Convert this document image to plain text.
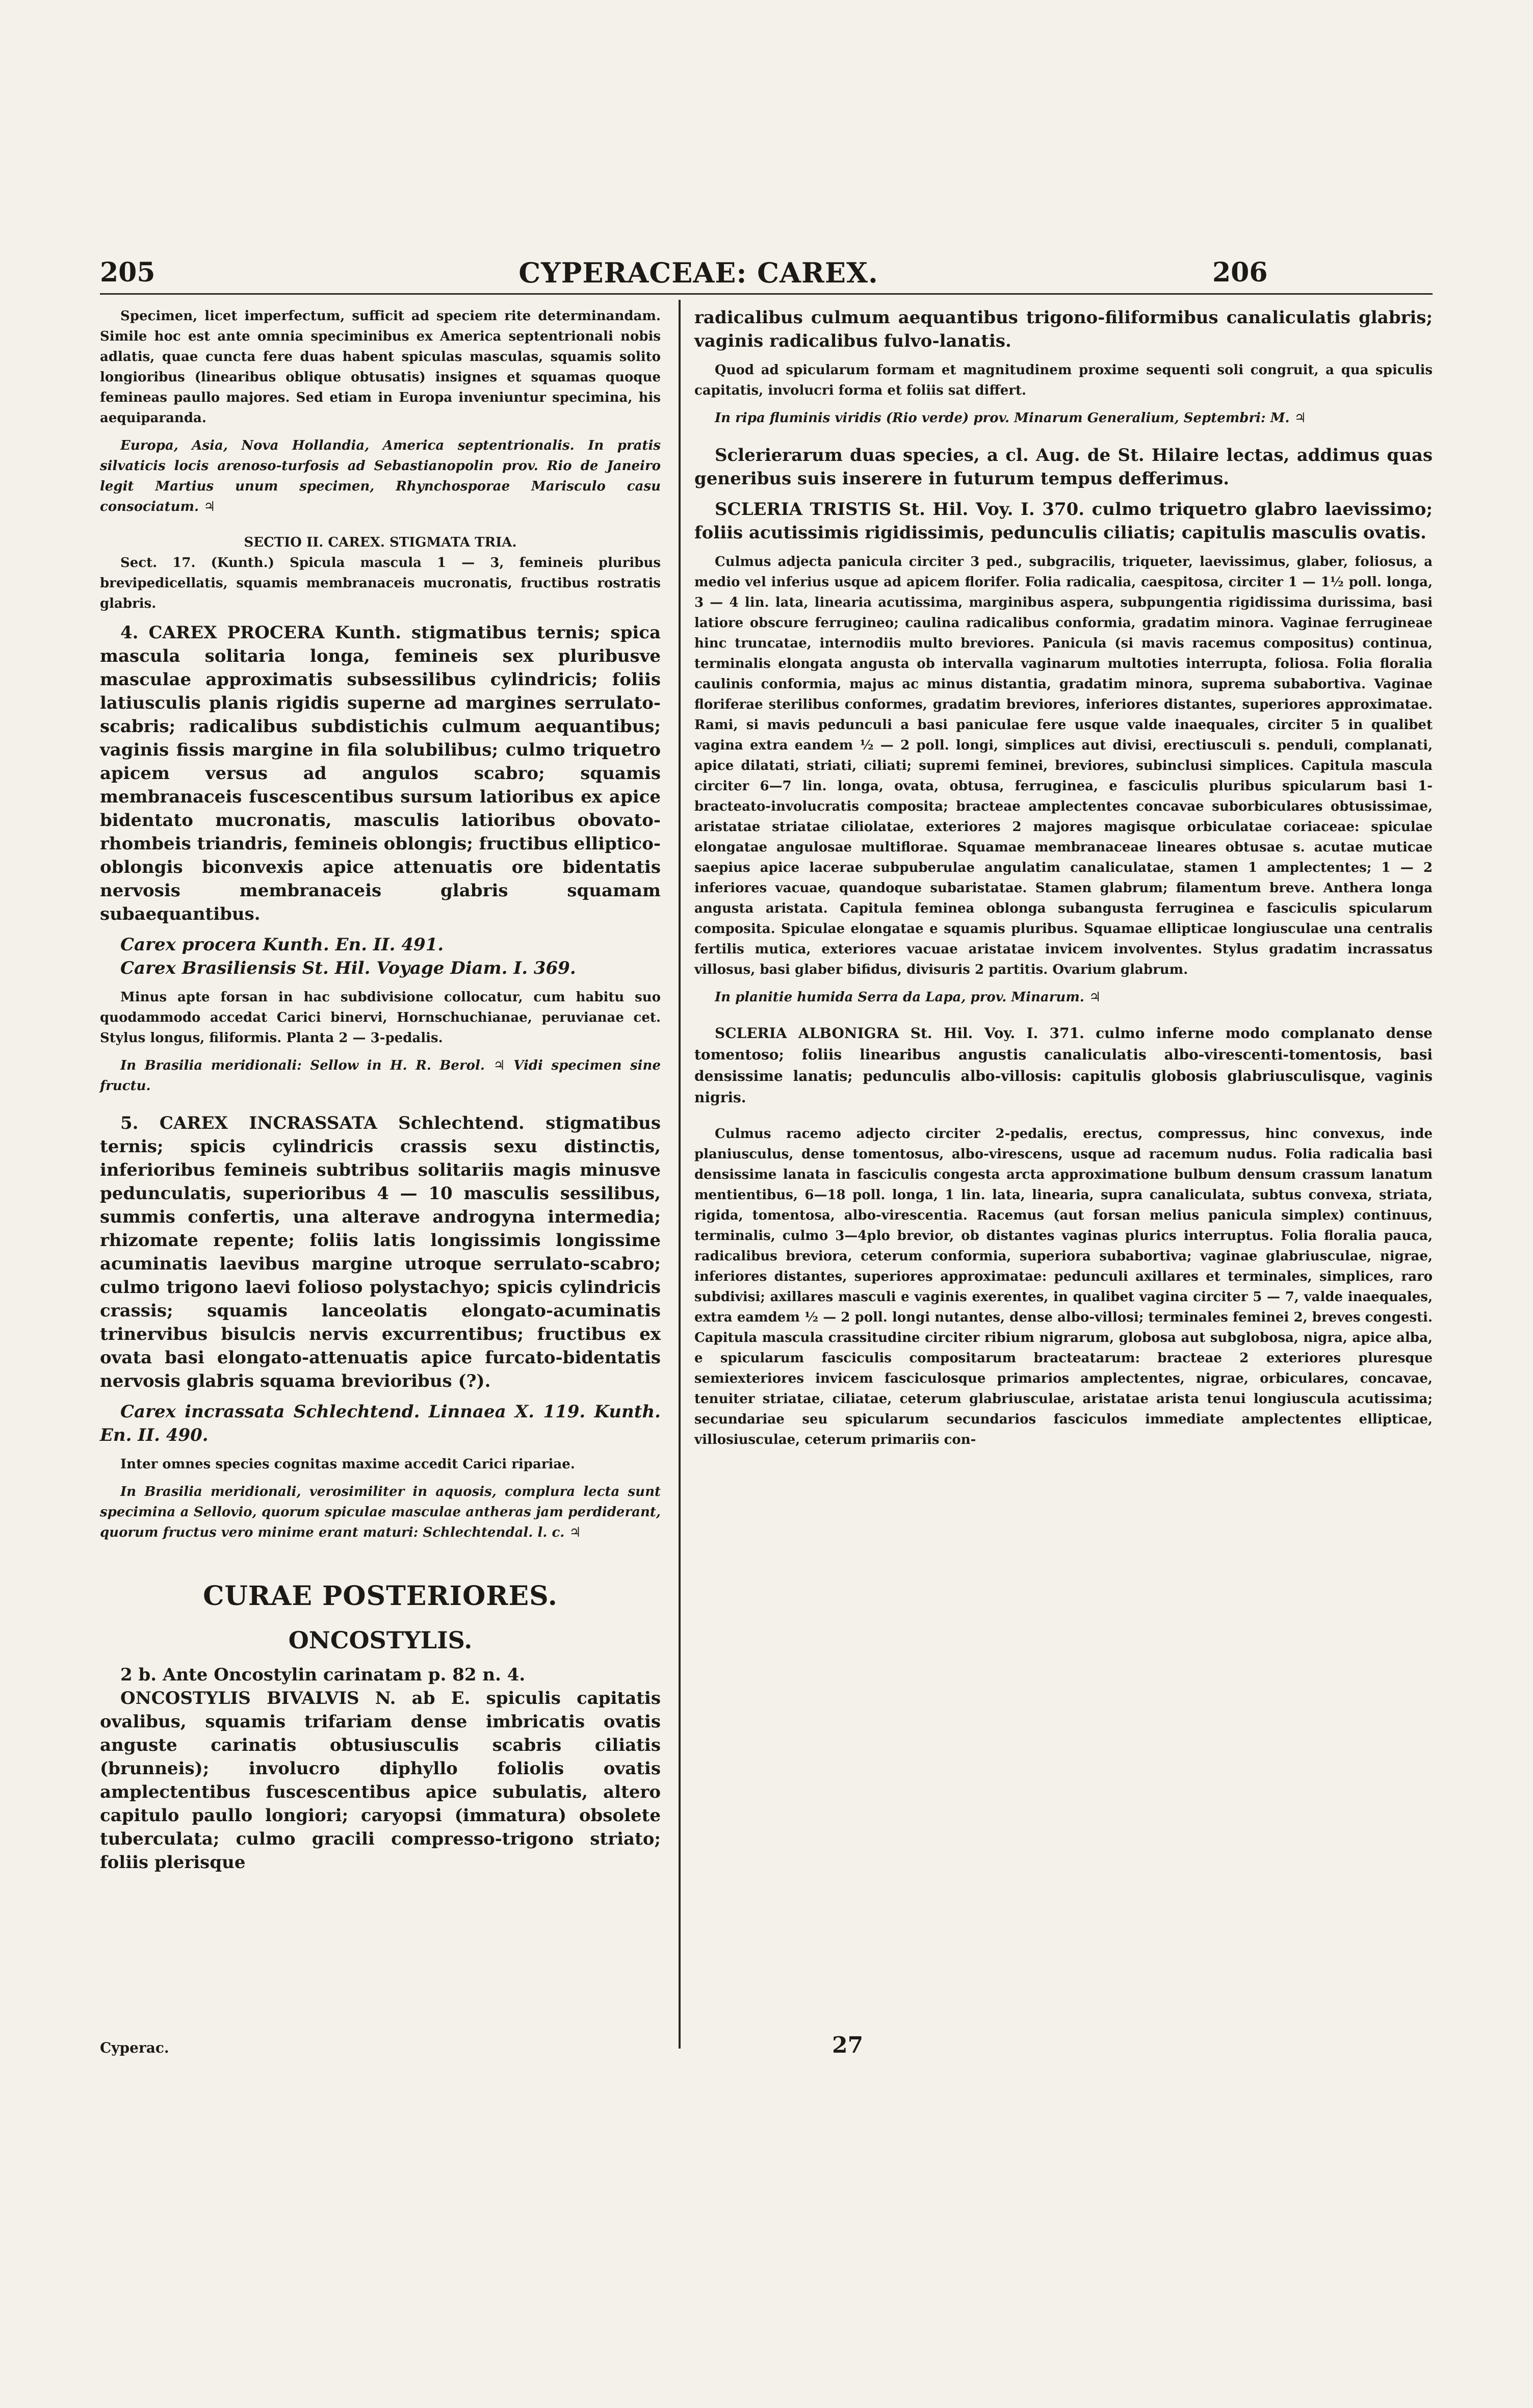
205	CYPERACEAE: CAREX.	206

Specimen, licet imperfectum, sufficit ad speciem rite determinandam. Simile hoc est ante omnia speciminibus ex America septentrionali nobis adlatis, quae cuncta fere duas habent spiculas masculas, squamis solito longioribus (linearibus oblique obtusatis) insignes et squamas quoque femineas paullo majores. Sed etiam in Europa inveniuntur specimina, his aequiparanda.

Europa, Asia, Nova Hollandia, America septentrionalis. In pratis silvaticis locis arenoso-turfosis ad Sebastianopolin prov. Rio de Janeiro legit Martius unum specimen, Rhynchosporae Marisculo casu consociatum. ♃

SECTIO II. CAREX. STIGMATA TRIA.

Sect. 17. (Kunth.) Spicula mascula 1 — 3, femineis pluribus brevipedicellatis, squamis membranaceis mucronatis, fructibus rostratis glabris.

4. CAREX PROCERA Kunth. stigmatibus ternis; spica mascula solitaria longa, femineis sex pluribusve masculae approximatis subsessilibus cylindricis; foliis latiusculis planis rigidis superne ad margines serrulato-scabris; radicalibus subdistichis culmum aequantibus; vaginis fissis margine in fila solubilibus; culmo triquetro apicem versus ad angulos scabro; squamis membranaceis fuscescentibus sursum latioribus ex apice bidentato mucronatis, masculis latioribus obovato-rhombeis triandris, femineis oblongis; fructibus elliptico-oblongis biconvexis apice attenuatis ore bidentatis nervosis membranaceis glabris squamam subaequantibus.

Carex procera Kunth. En. II. 491.

Carex Brasiliensis St. Hil. Voyage Diam. I. 369.

Minus apte forsan in hac subdivisione collocatur, cum habitu suo quodammodo accedat Carici binervi, Hornschuchianae, peruvianae cet. Stylus longus, filiformis. Planta 2 — 3-pedalis.

In Brasilia meridionali: Sellow in H. R. Berol. ♃ Vidi specimen sine fructu.

5. CAREX INCRASSATA Schlechtend. stigmatibus ternis; spicis cylindricis crassis sexu distinctis, inferioribus femineis subtribus solitariis magis minusve pedunculatis, superioribus 4 — 10 masculis sessilibus, summis confertis, una alterave androgyna intermedia; rhizomate repente; foliis latis longissimis longissime acuminatis laevibus margine utroque serrulato-scabro; culmo trigono laevi folioso polystachyo; spicis cylindricis crassis; squamis lanceolatis elongato-acuminatis trinervibus bisulcis nervis excurrentibus; fructibus ex ovata basi elongato-attenuatis apice furcato-bidentatis nervosis glabris squama brevioribus (?).

Carex incrassata Schlechtend. Linnaea X. 119. Kunth. En. II. 490.

Inter omnes species cognitas maxime accedit Carici ripariae.

In Brasilia meridionali, verosimiliter in aquosis, complura lecta sunt specimina a Sellovio, quorum spiculae masculae antheras jam perdiderant, quorum fructus vero minime erant maturi: Schlechtendal. l. c. ♃

CURAE POSTERIORES.
ONCOSTYLIS.

2 b. Ante Oncostylin carinatam p. 82 n. 4.

ONCOSTYLIS BIVALVIS N. ab E. spiculis capitatis ovalibus, squamis trifariam dense imbricatis ovatis anguste carinatis obtusiusculis scabris ciliatis (brunneis); involucro diphyllo foliolis ovatis amplectentibus fuscescentibus apice subulatis, altero capitulo paullo longiori; caryopsi (immatura) obsolete tuberculata; culmo gracili compresso-trigono striato; foliis plerisque

radicalibus culmum aequantibus trigono-filiformibus canaliculatis glabris; vaginis radicalibus fulvo-lanatis.

Quod ad spicularum formam et magnitudinem proxime sequenti soli congruit, a qua spiculis capitatis, involucri forma et foliis sat differt.

In ripa fluminis viridis (Rio verde) prov. Minarum Generalium, Septembri: M. ♃

Sclerierarum duas species, a cl. Aug. de St. Hilaire lectas, addimus quas generibus suis inserere in futurum tempus defferimus.

SCLERIA TRISTIS St. Hil. Voy. I. 370. culmo triquetro glabro laevissimo; foliis acutissimis rigidissimis, pedunculis ciliatis; capitulis masculis ovatis.

Culmus adjecta panicula circiter 3 ped., subgracilis, triqueter, laevissimus, glaber, foliosus, a medio vel inferius usque ad apicem florifer. Folia radicalia, caespitosa, circiter 1 — 1½ poll. longa, 3 — 4 lin. lata, linearia acutissima, marginibus aspera, subpungentia rigidissima durissima, basi latiore obscure ferrugineo; caulina radicalibus conformia, gradatim minora. Vaginae ferrugineae hinc truncatae, internodiis multo breviores. Panicula (si mavis racemus compositus) continua, terminalis elongata angusta ob intervalla vaginarum multoties interrupta, foliosa. Folia floralia caulinis conformia, majus ac minus distantia, gradatim minora, suprema subabortiva. Vaginae floriferae sterilibus conformes, gradatim breviores, inferiores distantes, superiores approximatae. Rami, si mavis pedunculi a basi paniculae fere usque valde inaequales, circiter 5 in qualibet vagina extra eandem ½ — 2 poll. longi, simplices aut divisi, erectiusculi s. penduli, complanati, apice dilatati, striati, ciliati; supremi feminei, breviores, subinclusi simplices. Capitula mascula circiter 6—7 lin. longa, ovata, obtusa, ferruginea, e fasciculis pluribus spicularum basi 1-bracteato-involucratis composita; bracteae amplectentes concavae suborbiculares obtusissimae, aristatae striatae ciliolatae, exteriores 2 majores magisque orbiculatae coriaceae: spiculae elongatae angulosae multiflorae. Squamae membranaceae lineares obtusae s. acutae muticae saepius apice lacerae subpuberulae angulatim canaliculatae, stamen 1 amplectentes; 1 — 2 inferiores vacuae, quandoque subaristatae. Stamen glabrum; filamentum breve. Anthera longa angusta aristata. Capitula feminea oblonga subangusta ferruginea e fasciculis spicularum composita. Spiculae elongatae e squamis pluribus. Squamae ellipticae longiusculae una centralis fertilis mutica, exteriores vacuae aristatae invicem involventes. Stylus gradatim incrassatus villosus, basi glaber bifidus, divisuris 2 partitis. Ovarium glabrum.

In planitie humida Serra da Lapa, prov. Minarum. ♃

SCLERIA ALBONIGRA St. Hil. Voy. I. 371. culmo inferne modo complanato dense tomentoso; foliis linearibus angustis canaliculatis albo-virescenti-tomentosis, basi densissime lanatis; pedunculis albo-villosis: capitulis globosis glabriusculisque, vaginis nigris.

Culmus racemo adjecto circiter 2-pedalis, erectus, compressus, hinc convexus, inde planiusculus, dense tomentosus, albo-virescens, usque ad racemum nudus. Folia radicalia basi densissime lanata in fasciculis congesta arcta approximatione bulbum densum crassum lanatum mentientibus, 6—18 poll. longa, 1 lin. lata, linearia, supra canaliculata, subtus convexa, striata, rigida, tomentosa, albo-virescentia. Racemus (aut forsan melius panicula simplex) continuus, terminalis, culmo 3—4plo brevior, ob distantes vaginas plurics interruptus. Folia floralia pauca, radicalibus breviora, ceterum conformia, superiora subabortiva; vaginae glabriusculae, nigrae, inferiores distantes, superiores approximatae: pedunculi axillares et terminales, simplices, raro subdivisi; axillares masculi e vaginis exerentes, in qualibet vagina circiter 5 — 7, valde inaequales, extra eamdem ½ — 2 poll. longi nutantes, dense albo-villosi; terminales feminei 2, breves congesti. Capitula mascula crassitudine circiter ribium nigrarum, globosa aut subglobosa, nigra, apice alba, e spicularum fasciculis compositarum bracteatarum: bracteae 2 exteriores pluresque semiexteriores invicem fasciculosque primarios amplectentes, nigrae, orbiculares, concavae, tenuiter striatae, ciliatae, ceterum glabriusculae, aristatae arista tenui longiuscula acutissima; secundariae seu spicularum secundarios fasciculos immediate amplectentes ellipticae, villosiusculae, ceterum primariis con-

Cyperac.	27
